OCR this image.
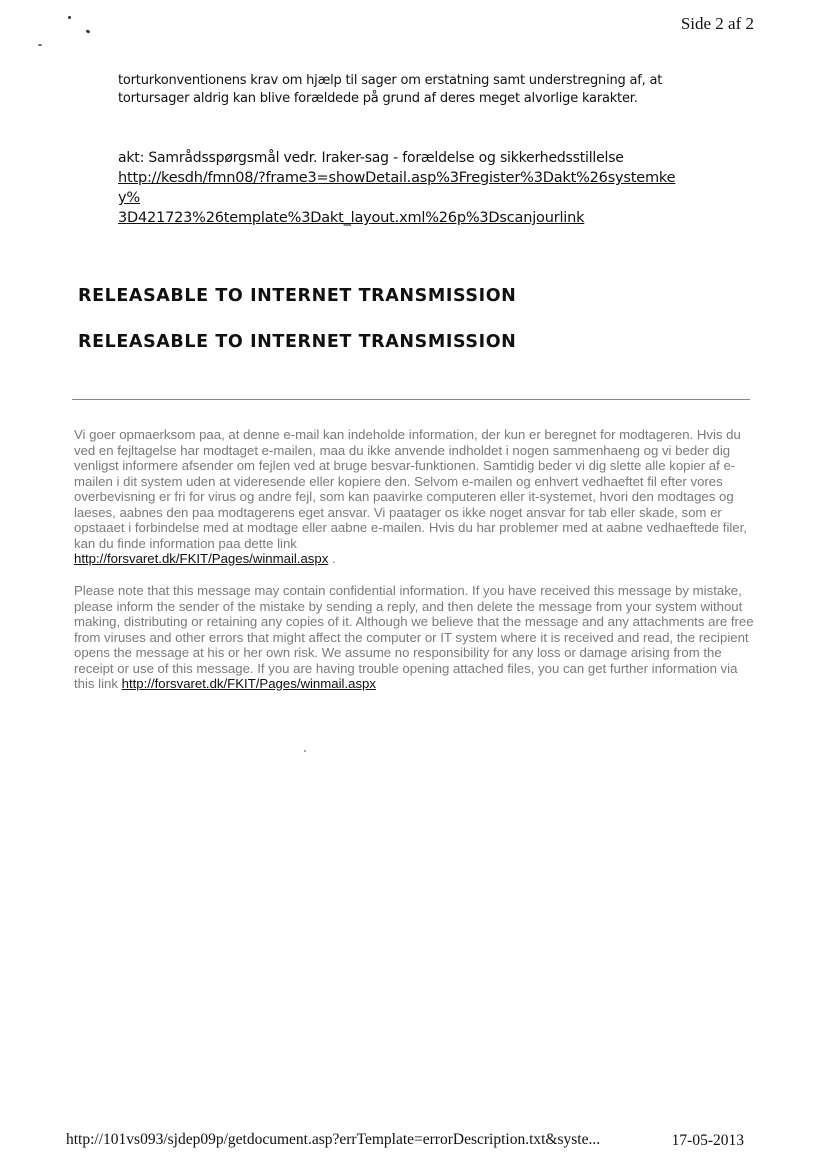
Side 2 af 2

torturkonventionens krav om hjælp til sager om erstatning samt understregning af, at

tortursager aldrig kan blive forældede på grund af deres meget alvorlige karakter.

akt: Samrådsspørgsmål vedr. Iraker-sag - forældelse og sikkerhedsstillelse

http://kesdh/fmn08/?frame3=showDetail.asp%3Fregister%3Dakt%26systemkey%
3D421723%26template%3Dakt_layout.xml%26p%3Dscanjourlink
RELEASABLE TO INTERNET TRANSMISSION
RELEASABLE TO INTERNET TRANSMISSION

Vi goer opmaerksom paa, at denne e-mail kan indeholde information, der kun er beregnet for modtageren. Hvis du ved en fejltagelse har modtaget e-mailen, maa du ikke anvende indholdet i nogen sammenhaeng og vi beder dig venligst informere afsender om fejlen ved at bruge besvar-funktionen. Samtidig beder vi dig slette alle kopier af e-mailen i dit system uden at videresende eller kopiere den. Selvom e-mailen og enhvert vedhaeftet fil efter vores overbevisning er fri for virus og andre fejl, som kan paavirke computeren eller it-systemet, hvori den modtages og laeses, aabnes den paa modtagerens eget ansvar. Vi paatager os ikke noget ansvar for tab eller skade, som er opstaaet i forbindelse med at modtage eller aabne e-mailen. Hvis du har problemer med at aabne vedhaeftede filer, kan du finde information paa dette link
http://forsvaret.dk/FKIT/Pages/winmail.aspx .

Please note that this message may contain confidential information. If you have received this message by mistake, please inform the sender of the mistake by sending a reply, and then delete the message from your system without making, distributing or retaining any copies of it. Although we believe that the message and any attachments are free from viruses and other errors that might affect the computer or IT system where it is received and read, the recipient opens the message at his or her own risk. We assume no responsibility for any loss or damage arising from the receipt or use of this message. If you are having trouble opening attached files, you can get further information via this link http://forsvaret.dk/FKIT/Pages/winmail.aspx

http://101vs093/sjdep09p/getdocument.asp?errTemplate=errorDescription.txt&syste...	17-05-2013
